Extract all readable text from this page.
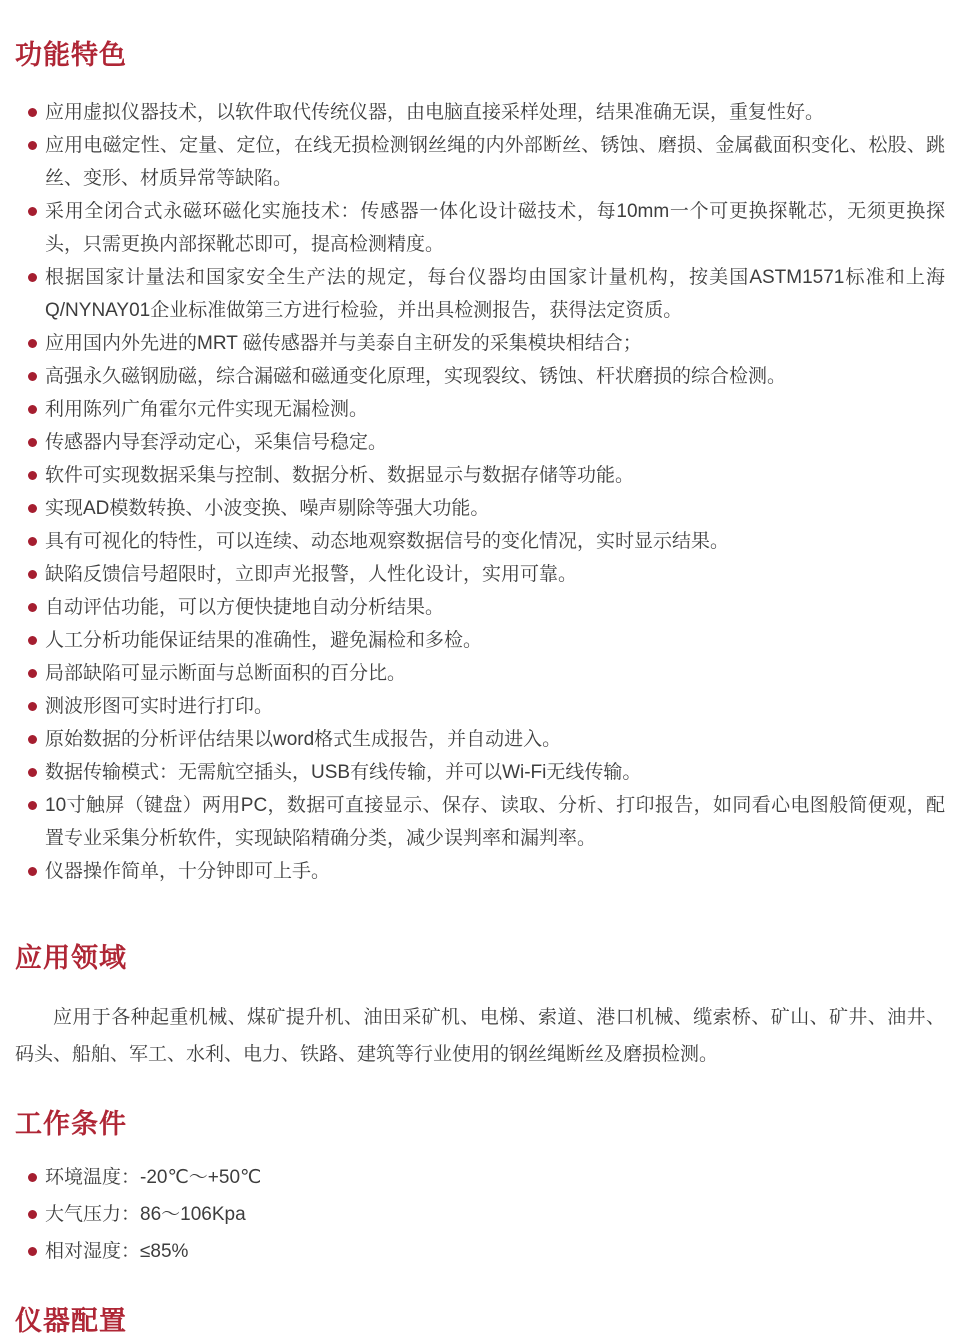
功能特色
应用虚拟仪器技术，以软件取代传统仪器，由电脑直接采样处理，结果准确无误，重复性好。
应用电磁定性、定量、定位，在线无损检测钢丝绳的内外部断丝、锈蚀、磨损、金属截面积变化、松股、跳丝、变形、材质异常等缺陷。
采用全闭合式永磁环磁化实施技术：传感器一体化设计磁技术，每10mm一个可更换探靴芯，无须更换探头，只需更换内部探靴芯即可，提高检测精度。
根据国家计量法和国家安全生产法的规定，每台仪器均由国家计量机构，按美国ASTM1571标准和上海Q/NYNAY01企业标准做第三方进行检验，并出具检测报告，获得法定资质。
应用国内外先进的MRT 磁传感器并与美泰自主研发的采集模块相结合；
高强永久磁钢励磁，综合漏磁和磁通变化原理，实现裂纹、锈蚀、杆状磨损的综合检测。
利用陈列广角霍尔元件实现无漏检测。
传感器内导套浮动定心，采集信号稳定。
软件可实现数据采集与控制、数据分析、数据显示与数据存储等功能。
实现AD模数转换、小波变换、噪声剔除等强大功能。
具有可视化的特性，可以连续、动态地观察数据信号的变化情况，实时显示结果。
缺陷反馈信号超限时，立即声光报警，人性化设计，实用可靠。
自动评估功能，可以方便快捷地自动分析结果。
人工分析功能保证结果的准确性，避免漏检和多检。
局部缺陷可显示断面与总断面积的百分比。
测波形图可实时进行打印。
原始数据的分析评估结果以word格式生成报告，并自动进入。
数据传输模式：无需航空插头，USB有线传输，并可以Wi-Fi无线传输。
10寸触屏（键盘）两用PC，数据可直接显示、保存、读取、分析、打印报告，如同看心电图般简便观，配置专业采集分析软件，实现缺陷精确分类，减少误判率和漏判率。
仪器操作简单，十分钟即可上手。
应用领域

应用于各种起重机械、煤矿提升机、油田采矿机、电梯、索道、港口机械、缆索桥、矿山、矿井、油井、码头、船舶、军工、水利、电力、铁路、建筑等行业使用的钢丝绳断丝及磨损检测。

工作条件
环境温度：-20℃～+50℃
大气压力：86～106Kpa
相对湿度：≤85%
仪器配置
